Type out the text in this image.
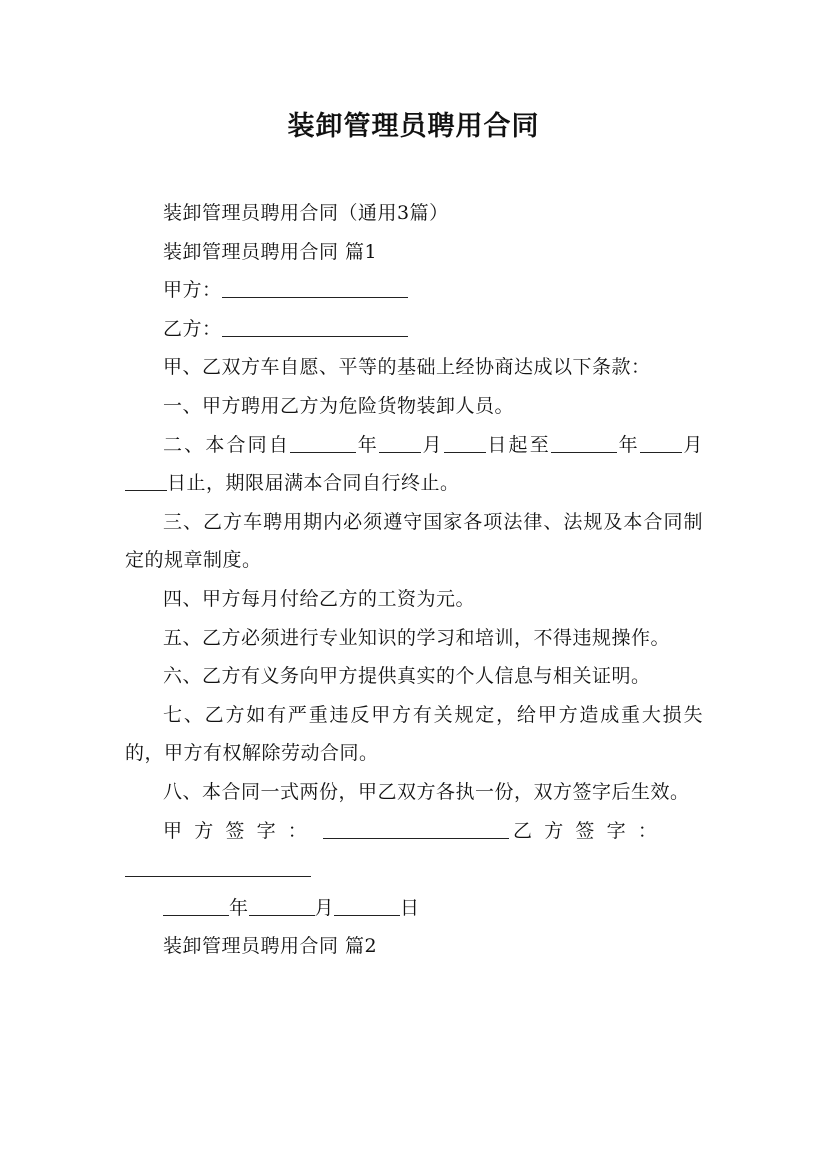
装卸管理员聘用合同

装卸管理员聘用合同（通用3篇）

装卸管理员聘用合同 篇1

甲方：

乙方：

甲、乙双方车自愿、平等的基础上经协商达成以下条款：

一、甲方聘用乙方为危险货物装卸人员。

二、本合同自	年 月 日起至	年 月日止，期限届满本合同自行终止。

三、乙方车聘用期内必须遵守国家各项法律、法规及本合同制定的规章制度。

四、甲方每月付给乙方的工资为元。

五、乙方必须进行专业知识的学习和培训，不得违规操作。

六、乙方有义务向甲方提供真实的个人信息与相关证明。

七、乙方如有严重违反甲方有关规定，给甲方造成重大损失的，甲方有权解除劳动合同。

八、本合同一式两份，甲乙双方各执一份，双方签字后生效。

甲方签字：	乙方签字：

年	月	日

装卸管理员聘用合同 篇2
